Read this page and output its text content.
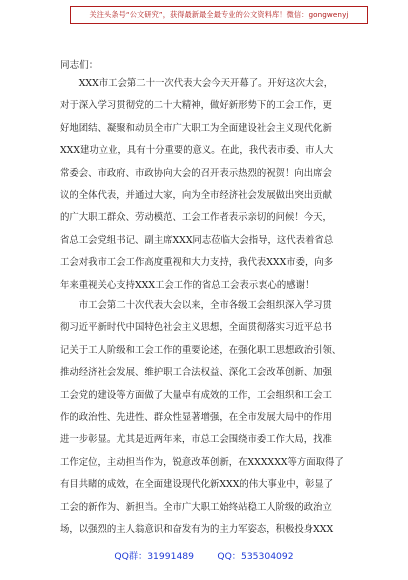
关注头条号“公文研究”，获得最新最全最专业的公文资料库！微信：gongwenyj
同志们：
　　XXX市工会第二十一次代表大会今天开幕了。开好这次大会，
对于深入学习贯彻党的二十大精神，做好新形势下的工会工作，更
好地团结、凝聚和动员全市广大职工为全面建设社会主义现代化新
XXX建功立业，具有十分重要的意义。在此，我代表市委、市人大
常委会、市政府、市政协向大会的召开表示热烈的祝贺！向出席会
议的全体代表，并通过大家，向为全市经济社会发展做出突出贡献
的广大职工群众、劳动模范、工会工作者表示亲切的问候！今天，
省总工会党组书记、副主席XXX同志莅临大会指导，这代表着省总
工会对我市工会工作高度重视和大力支持，我代表XXX市委，向多
年来重视关心支持XXX工会工作的省总工会表示衷心的感谢！
　　市工会第二十次代表大会以来，全市各级工会组织深入学习贯
彻习近平新时代中国特色社会主义思想，全面贯彻落实习近平总书
记关于工人阶级和工会工作的重要论述，在强化职工思想政治引领、
推动经济社会发展、维护职工合法权益、深化工会改革创新、加强
工会党的建设等方面做了大量卓有成效的工作，工会组织和工会工
作的政治性、先进性、群众性显著增强，在全市发展大局中的作用
进一步彰显。尤其是近两年来，市总工会围绕市委工作大局，找准
工作定位，主动担当作为，锐意改革创新，在XXXXXX等方面取得了
有目共睹的成效，在全面建设现代化新XXX的伟大事业中，彰显了
工会的新作为、新担当。全市广大职工始终站稳工人阶级的政治立
场，以强烈的主人翁意识和奋发有为的主力军姿态，积极投身XXX
QQ群：31991489        QQ：535304092
